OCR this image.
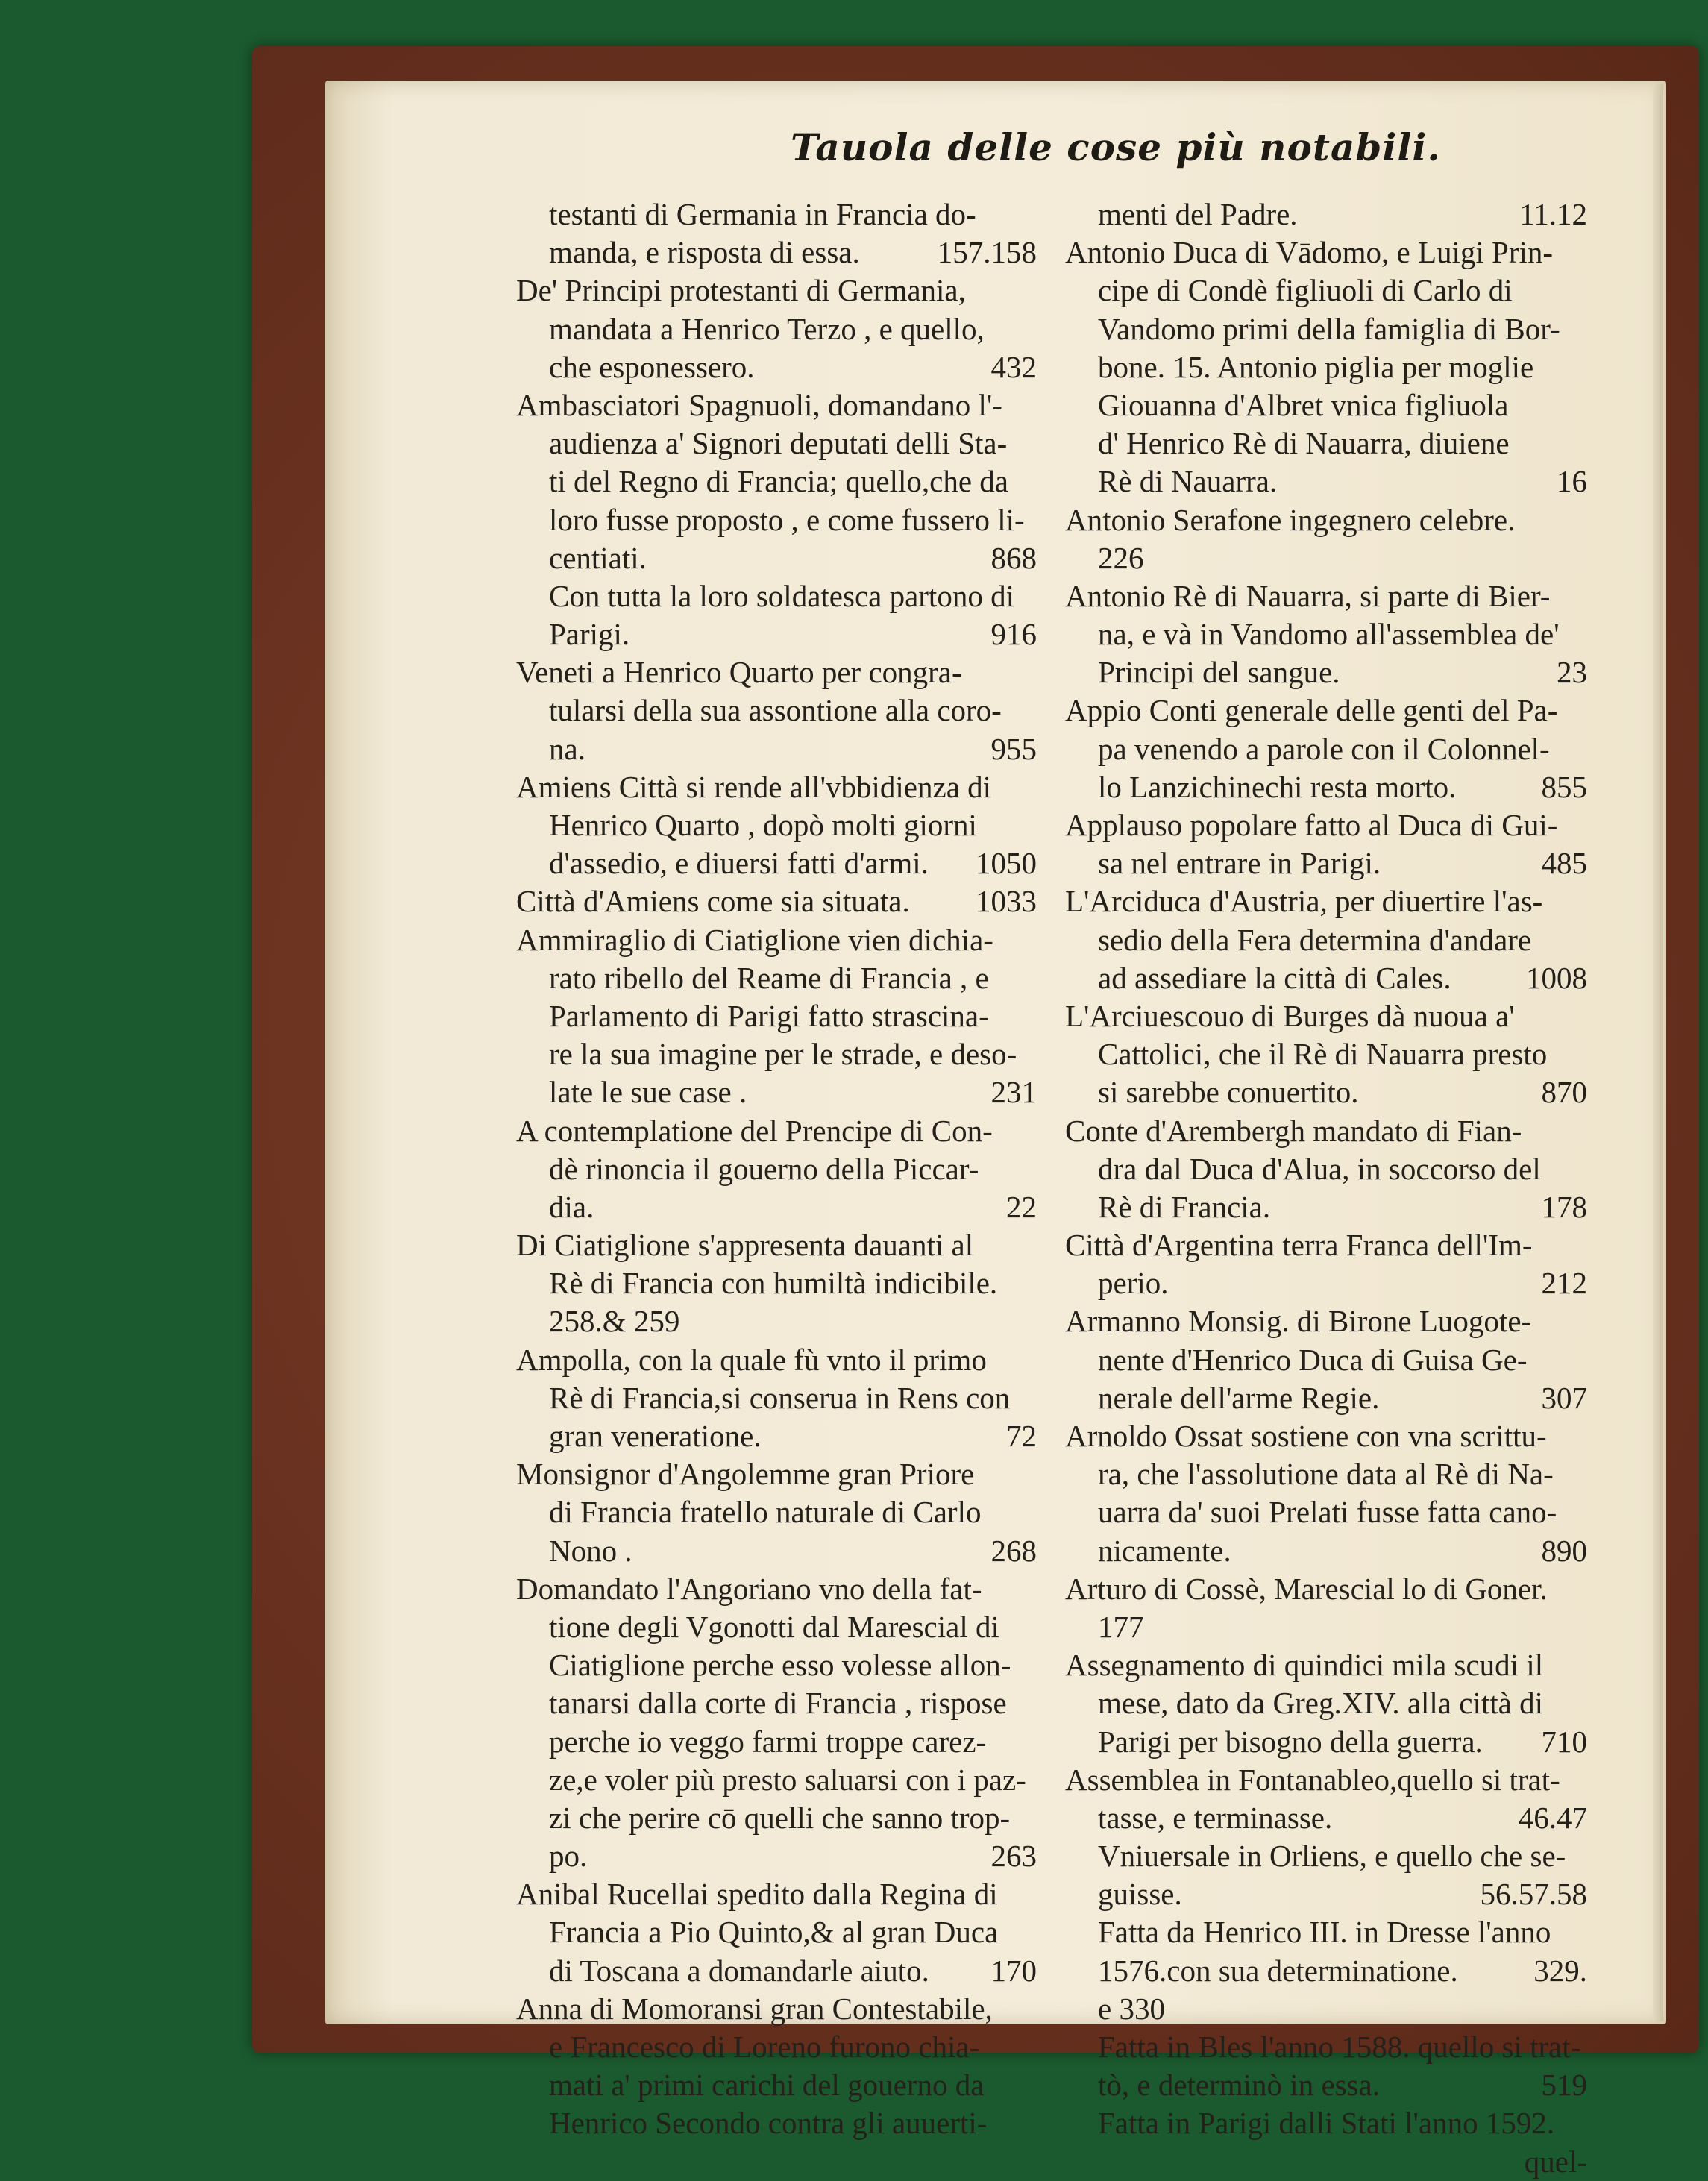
Tauola delle cose più notabili.
testanti di Germania in Francia do-
manda, e risposta di essa.	157.158
De' Principi protestanti di Germania,
mandata a Henrico Terzo , e quello,
che esponessero.	432
Ambasciatori Spagnuoli, domandano l'-
audienza a' Signori deputati delli Sta-
ti del Regno di Francia; quello,che da
loro fusse proposto , e come fussero li-
centiati.	868
Con tutta la loro soldatesca partono di
Parigi.	916
Veneti a Henrico Quarto per congra-
tularsi della sua assontione alla coro-
na.	955
Amiens Città si rende all'vbbidienza di
Henrico Quarto , dopò molti giorni
d'assedio, e diuersi fatti d'armi. 1050
Città d'Amiens come sia situata. 1033
Ammiraglio di Ciatiglione vien dichia-
rato ribello del Reame di Francia , e
Parlamento di Parigi fatto strascina-
re la sua imagine per le strade, e deso-
late le sue case .	231
A contemplatione del Prencipe di Con-
dè rinoncia il gouerno della Piccar-
dia.	22
Di Ciatiglione s'appresenta dauanti al
Rè di Francia con humiltà indicibile.
258.& 259
Ampolla, con la quale fù vnto il primo
Rè di Francia,si conserua in Rens con
gran veneratione.	72
Monsignor d'Angolemme gran Priore
di Francia fratello naturale di Carlo
Nono .	268
Domandato l'Angoriano vno della fat-
tione degli Vgonotti dal Marescial di
Ciatiglione perche esso volesse allon-
tanarsi dalla corte di Francia , rispose
perche io veggo farmi troppe carez-
ze,e voler più presto saluarsi con i paz-
zi che perire cō quelli che sanno trop-
po.	263
Anibal Rucellai spedito dalla Regina di
Francia a Pio Quinto,& al gran Duca
di Toscana a domandarle aiuto. 170
Anna di Momoransi gran Contestabile,
e Francesco di Loreno furono chia-
mati a' primi carichi del gouerno da
Henrico Secondo contra gli auuerti-
menti del Padre.	11.12
Antonio Duca di Vādomo, e Luigi Prin-
cipe di Condè figliuoli di Carlo di
Vandomo primi della famiglia di Bor-
bone. 15. Antonio piglia per moglie
Giouanna d'Albret vnica figliuola
d' Henrico Rè di Nauarra, diuiene
Rè di Nauarra.	16
Antonio Serafone ingegnero celebre.
226
Antonio Rè di Nauarra, si parte di Bier-
na, e và in Vandomo all'assemblea de'
Principi del sangue.	23
Appio Conti generale delle genti del Pa-
pa venendo a parole con il Colonnel-
lo Lanzichinechi resta morto.	855
Applauso popolare fatto al Duca di Gui-
sa nel entrare in Parigi.	485
L'Arciduca d'Austria, per diuertire l'as-
sedio della Fera determina d'andare
ad assediare la città di Cales. 1008
L'Arciuescouo di Burges dà nuoua a'
Cattolici, che il Rè di Nauarra presto
si sarebbe conuertito.	870
Conte d'Arembergh mandato di Fian-
dra dal Duca d'Alua, in soccorso del
Rè di Francia.	178
Città d'Argentina terra Franca dell'Im-
perio.	212
Armanno Monsig. di Birone Luogote-
nente d'Henrico Duca di Guisa Ge-
nerale dell'arme Regie.	307
Arnoldo Ossat sostiene con vna scrittu-
ra, che l'assolutione data al Rè di Na-
uarra da' suoi Prelati fusse fatta cano-
nicamente.	890
Arturo di Cossè, Marescial lo di Goner.
177
Assegnamento di quindici mila scudi il
mese, dato da Greg.XIV. alla città di
Parigi per bisogno della guerra. 710
Assemblea in Fontanableo,quello si trat-
tasse, e terminasse.	46.47
Vniuersale in Orliens, e quello che se-
guisse.	56.57.58
Fatta da Henrico III. in Dresse l'anno
1576.con sua determinatione. 329.
e 330
Fatta in Bles l'anno 1588. quello si trat-
tò, e determinò in essa.	519
Fatta in Parigi dalli Stati l'anno 1592.
quel-
